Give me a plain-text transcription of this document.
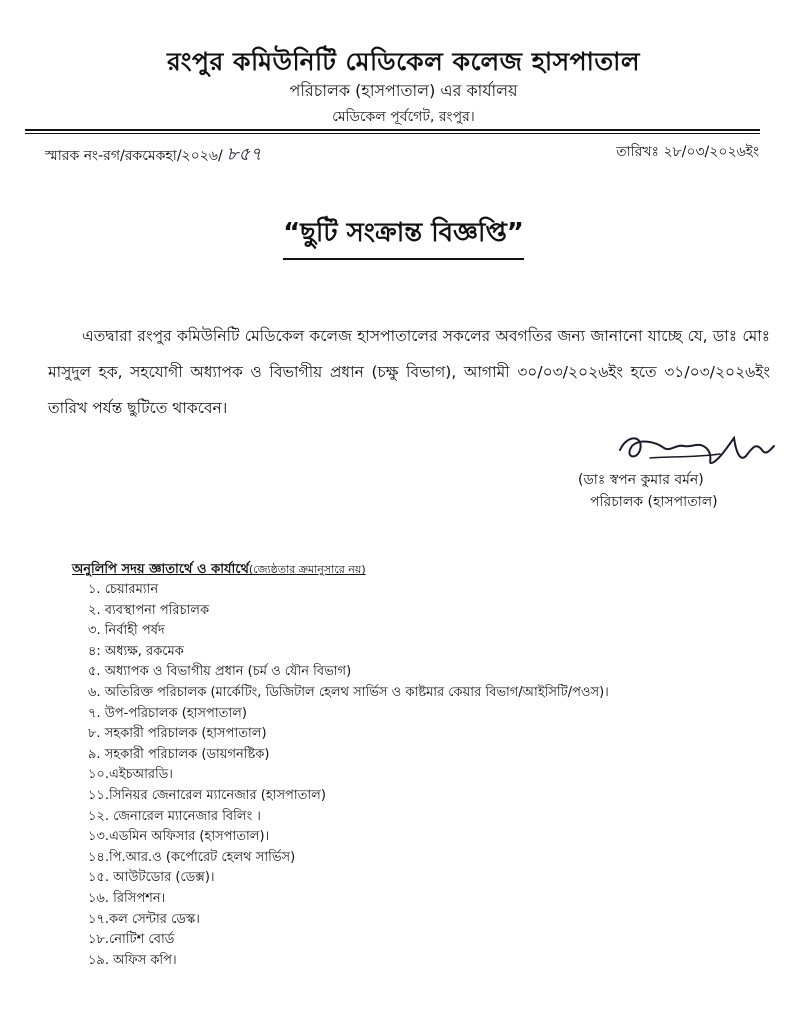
রংপুর কমিউনিটি মেডিকেল কলেজ হাসপাতাল
পরিচালক (হাসপাতাল) এর কার্যালয়
মেডিকেল পূর্বগেট, রংপুর।
স্মারক নং-রগ/রকমেকহা/২০২৬/ ৮৫৭	তারিখঃ ২৮/০৩/২০২৬ইং
“ছুটি সংক্রান্ত বিজ্ঞপ্তি”

এতদ্বারা রংপুর কমিউনিটি মেডিকেল কলেজ হাসপাতালের সকলের অবগতির জন্য জানানো যাচ্ছে যে, ডাঃ মোঃ মাসুদুল হক, সহযোগী অধ্যাপক ও বিভাগীয় প্রধান (চক্ষু বিভাগ), আগামী ৩০/০৩/২০২৬ইং হতে ৩১/০৩/২০২৬ইং তারিখ পর্যন্ত ছুটিতে থাকবেন।

(ডাঃ স্বপন কুমার বর্মন)
পরিচালক (হাসপাতাল)
অনুলিপি সদয় জ্ঞাতার্থে ও কার্যার্থে(জ্যেষ্ঠতার ক্রমানুসারে নয়)
১. চেয়ারম্যান
২. ব্যবস্থাপনা পরিচালক
৩. নির্বাহী পর্ষদ
৪: অধ্যক্ষ, রকমেক
৫. অধ্যাপক ও বিভাগীয় প্রধান (চর্ম ও যৌন বিভাগ)
৬. অতিরিক্ত পরিচালক (মার্কেটিং, ডিজিটাল হেলথ সার্ভিস ও কাষ্টমার কেয়ার বিভাগ/আইসিটি/পওস)।
৭. উপ-পরিচালক (হাসপাতাল)
৮. সহকারী পরিচালক (হাসপাতাল)
৯. সহকারী পরিচালক (ডায়গনষ্টিক)
১০.এইচআরডি।
১১.সিনিয়র জেনারেল ম্যানেজার (হাসপাতাল)
১২. জেনারেল ম্যানেজার বিলিং ।
১৩.এডমিন অফিসার (হাসপাতাল)।
১৪.পি.আর.ও (কর্পোরেট হেলথ সার্ভিস)
১৫. আউটডোর (ডেক্স)।
১৬. রিসিপশন।
১৭.কল সেন্টার ডেস্ক।
১৮.নোটিশ বোর্ড
১৯. অফিস কপি।
